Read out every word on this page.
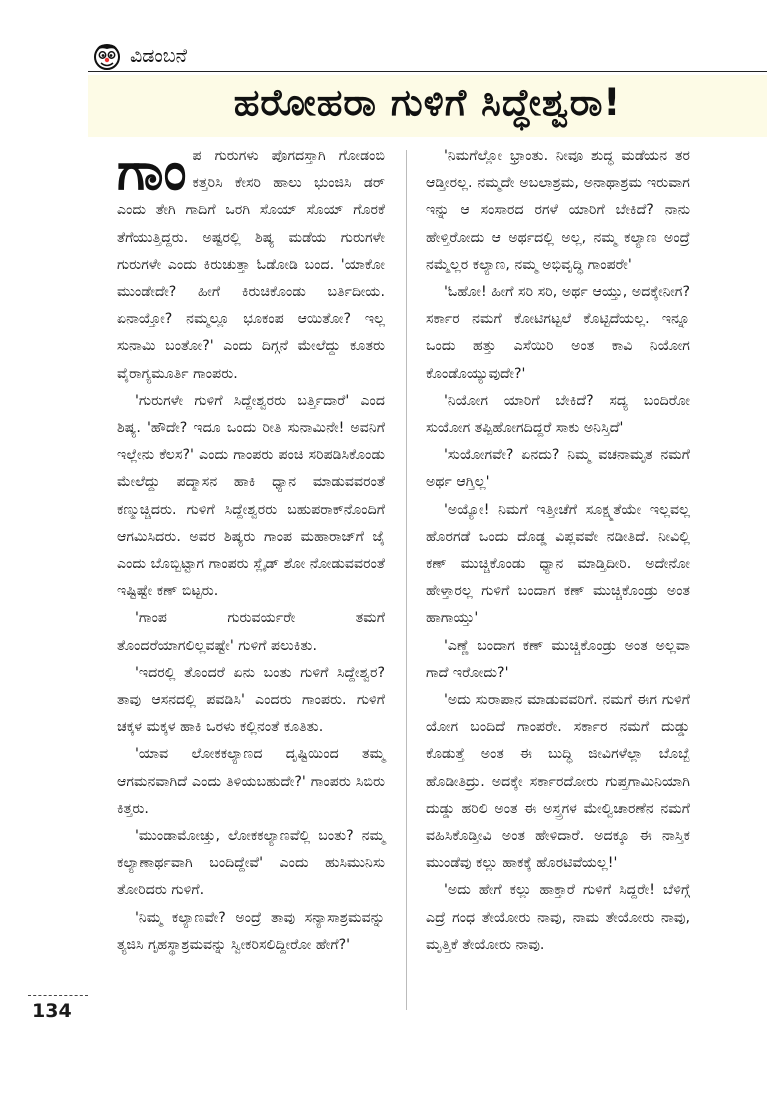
ವಿಡಂಬನೆ
ಹರೋಹರಾ ಗುಳಿಗೆ ಸಿದ್ಧೇಶ್ವರಾ!

ಗಾಂಪ ಗುರುಗಳು ಪೊಗದಸ್ತಾಗಿ ಗೋಡಂಬಿ ಕತ್ತರಿಸಿ ಕೇಸರಿ ಹಾಲು ಭುಂಜಿಸಿ ಡರ್ ಎಂದು ತೇಗಿ ಗಾದಿಗೆ ಒರಗಿ ಸೊಯ್ ಸೊಯ್ ಗೊರಕೆ ತೆಗೆಯುತ್ತಿದ್ದರು. ಅಷ್ಟರಲ್ಲಿ ಶಿಷ್ಯ ಮಡೆಯ ಗುರುಗಳೇ ಗುರುಗಳೇ ಎಂದು ಕಿರುಚುತ್ತಾ ಓಡೋಡಿ ಬಂದ. 'ಯಾಕೋ ಮುಂಡೇದೇ? ಹೀಗೆ ಕಿರುಚಿಕೊಂಡು ಬರ್ತಿದೀಯ. ಏನಾಯ್ತೋ? ನಮ್ಮಲ್ಲೂ ಭೂಕಂಪ ಆಯಿತೋ? ಇಲ್ಲ ಸುನಾಮಿ ಬಂತೋ?' ಎಂದು ದಿಗ್ಗನೆ ಮೇಲೆದ್ದು ಕೂತರು ವೈರಾಗ್ಯಮೂರ್ತಿ ಗಾಂಪರು.

'ಗುರುಗಳೇ ಗುಳಿಗೆ ಸಿದ್ದೇಶ್ವರರು ಬರ್ತ್ತಿದಾರೆ' ಎಂದ ಶಿಷ್ಯ. 'ಹೌದೇ? ಇದೂ ಒಂದು ರೀತಿ ಸುನಾಮಿನೇ! ಅವನಿಗೆ ಇಲ್ಲೇನು ಕೆಲಸ?' ಎಂದು ಗಾಂಪರು ಪಂಚಿ ಸರಿಪಡಿಸಿಕೊಂಡು ಮೇಲೆದ್ದು ಪದ್ಮಾಸನ ಹಾಕಿ ಧ್ಯಾನ ಮಾಡುವವರಂತೆ ಕಣ್ಮುಚ್ಚಿದರು. ಗುಳಿಗೆ ಸಿದ್ದೇಶ್ವರರು ಬಹುಪರಾಕ್‌ನೊಂದಿಗೆ ಆಗಮಿಸಿದರು. ಅವರ ಶಿಷ್ಯರು ಗಾಂಪ ಮಹಾರಾಜ್‌ಗೆ ಜೈ ಎಂದು ಬೊಬ್ಬಿಟ್ಟಾಗ ಗಾಂಪರು ಸ್ಲೈಡ್ ಶೋ ನೋಡುವವರಂತೆ ಇಷ್ಟಿಷ್ಟೇ ಕಣ್ ಬಿಟ್ಟರು.

'ಗಾಂಪ ಗುರುವರ್ಯರೇ ತಮಗೆ ತೊಂದರೆಯಾಗಲಿಲ್ಲವಷ್ಟೇ' ಗುಳಿಗೆ ಪಲುಕಿತು.

'ಇದರಲ್ಲಿ ತೊಂದರೆ ಏನು ಬಂತು ಗುಳಿಗೆ ಸಿದ್ದೇಶ್ವರ? ತಾವು ಆಸನದಲ್ಲಿ ಪವಡಿಸಿ' ಎಂದರು ಗಾಂಪರು. ಗುಳಿಗೆ ಚಕ್ಕಳ ಮಕ್ಕಳ ಹಾಕಿ ಒರಳು ಕಲ್ಲಿನಂತೆ ಕೂತಿತು.

'ಯಾವ ಲೋಕಕಲ್ಯಾಣದ ದೃಷ್ಟಿಯಿಂದ ತಮ್ಮ ಆಗಮನವಾಗಿದೆ ಎಂದು ತಿಳಿಯಬಹುದೇ?' ಗಾಂಪರು ಸಿಬಿರು ಕಿತ್ತರು.

'ಮುಂಡಾಮೋಚ್ತು, ಲೋಕಕಲ್ಯಾಣವೆಲ್ಲಿ ಬಂತು? ನಮ್ಮ ಕಲ್ಯಾಣಾರ್ಥವಾಗಿ ಬಂದಿದ್ದೇವೆ' ಎಂದು ಹುಸಿಮುನಿಸು ತೋರಿದರು ಗುಳಿಗೆ.

'ನಿಮ್ಮ ಕಲ್ಯಾಣವೇ? ಅಂದ್ರೆ ತಾವು ಸನ್ಯಾಸಾಶ್ರಮವನ್ನು ತ್ಯಜಿಸಿ ಗೃಹಸ್ಥಾಶ್ರಮವನ್ನು ಸ್ವೀಕರಿಸಲಿದ್ದೀರೋ ಹೇಗೆ?'

'ನಿಮಗೆಲ್ಲೋ ಭ್ರಾಂತು. ನೀವೂ ಶುದ್ಧ ಮಡೆಯನ ತರ ಆಡ್ತೀರಲ್ಲ. ನಮ್ಮದೇ ಅಬಲಾಶ್ರಮ, ಅನಾಥಾಶ್ರಮ ಇರುವಾಗ ಇನ್ನು ಆ ಸಂಸಾರದ ರಗಳೆ ಯಾರಿಗೆ ಬೇಕಿದೆ? ನಾನು ಹೇಳ್ತಿರೋದು ಆ ಅರ್ಥದಲ್ಲಿ ಅಲ್ಲ, ನಮ್ಮ ಕಲ್ಯಾಣ ಅಂದ್ರೆ ನಮ್ಮೆಲ್ಲರ ಕಲ್ಯಾಣ, ನಮ್ಮ ಅಭಿವೃದ್ಧಿ ಗಾಂಪರೇ'

'ಓಹೋ! ಹೀಗೆ ಸರಿ ಸರಿ, ಅರ್ಥ ಆಯ್ತು, ಅದಕ್ಕೇನೀಗ? ಸರ್ಕಾರ ನಮಗೆ ಕೋಟಿಗಟ್ಟಲೆ ಕೊಟ್ಟಿದೆಯಲ್ಲ. ಇನ್ನೂ ಒಂದು ಹತ್ತು ಎಸೆಯಿರಿ ಅಂತ ಕಾವಿ ನಿಯೋಗ ಕೊಂಡೊಯ್ಯುವುದೇ?'

'ನಿಯೋಗ ಯಾರಿಗೆ ಬೇಕಿದೆ? ಸದ್ಯ ಬಂದಿರೋ ಸುಯೋಗ ತಪ್ಪಿಹೋಗದಿದ್ದರೆ ಸಾಕು ಅನಿಸ್ತಿದೆ'

'ಸುಯೋಗವೇ? ಏನದು? ನಿಮ್ಮ ವಚನಾಮೃತ ನಮಗೆ ಅರ್ಥ ಆಗ್ತಿಲ್ಲ'

'ಅಯ್ಯೋ! ನಿಮಗೆ ಇತ್ತೀಚೆಗೆ ಸೂಕ್ಷ್ಮತೆಯೇ ಇಲ್ಲವಲ್ಲ ಹೊರಗಡೆ ಒಂದು ದೊಡ್ಡ ವಿಪ್ಲವವೇ ನಡೀತಿದೆ. ನೀವಿಲ್ಲಿ ಕಣ್ ಮುಚ್ಚಿಕೊಂಡು ಧ್ಯಾನ ಮಾಡ್ತಿದೀರಿ. ಅದೇನೋ ಹೇಳ್ತಾರಲ್ಲ ಗುಳಿಗೆ ಬಂದಾಗ ಕಣ್ ಮುಚ್ಚಿಕೊಂಡ್ರು ಅಂತ ಹಾಗಾಯ್ತು'

'ಎಣ್ಣೆ ಬಂದಾಗ ಕಣ್ ಮುಚ್ಚಿಕೊಂಡ್ರು ಅಂತ ಅಲ್ಲವಾ ಗಾದೆ ಇರೋದು?'

'ಅದು ಸುರಾಪಾನ ಮಾಡುವವರಿಗೆ. ನಮಗೆ ಈಗ ಗುಳಿಗೆ ಯೋಗ ಬಂದಿದೆ ಗಾಂಪರೇ. ಸರ್ಕಾರ ನಮಗೆ ದುಡ್ಡು ಕೊಡುತ್ತೆ ಅಂತ ಈ ಬುದ್ಧಿ ಜೀವಿಗಳೆಲ್ಲಾ ಬೊಬ್ಬೆ ಹೊಡೀತಿದ್ರು. ಅದಕ್ಕೇ ಸರ್ಕಾರದೋರು ಗುಪ್ತಗಾಮಿನಿಯಾಗಿ ದುಡ್ಡು ಹರಿಲಿ ಅಂತ ಈ ಅಸ್ತ್ರಗಳ ಮೇಲ್ವಿಚಾರಣೆನ ನಮಗೆ ವಹಿಸಿಕೊಡ್ತೀವಿ ಅಂತ ಹೇಳಿದಾರೆ. ಅದಕ್ಕೂ ಈ ನಾಸ್ತಿಕ ಮುಂಡೆವು ಕಲ್ಲು ಹಾಕಕ್ಕೆ ಹೊರಟಿವೆಯಲ್ಲ!'

'ಅದು ಹೇಗೆ ಕಲ್ಲು ಹಾಕ್ತಾರೆ ಗುಳಿಗೆ ಸಿದ್ದರೇ! ಬೆಳಿಗ್ಗೆ ಎದ್ರೆ ಗಂಧ ತೇಯೋರು ನಾವು, ನಾಮ ತೇಯೋರು ನಾವು, ಮೃತ್ತಿಕೆ ತೇಯೋರು ನಾವು.

134
